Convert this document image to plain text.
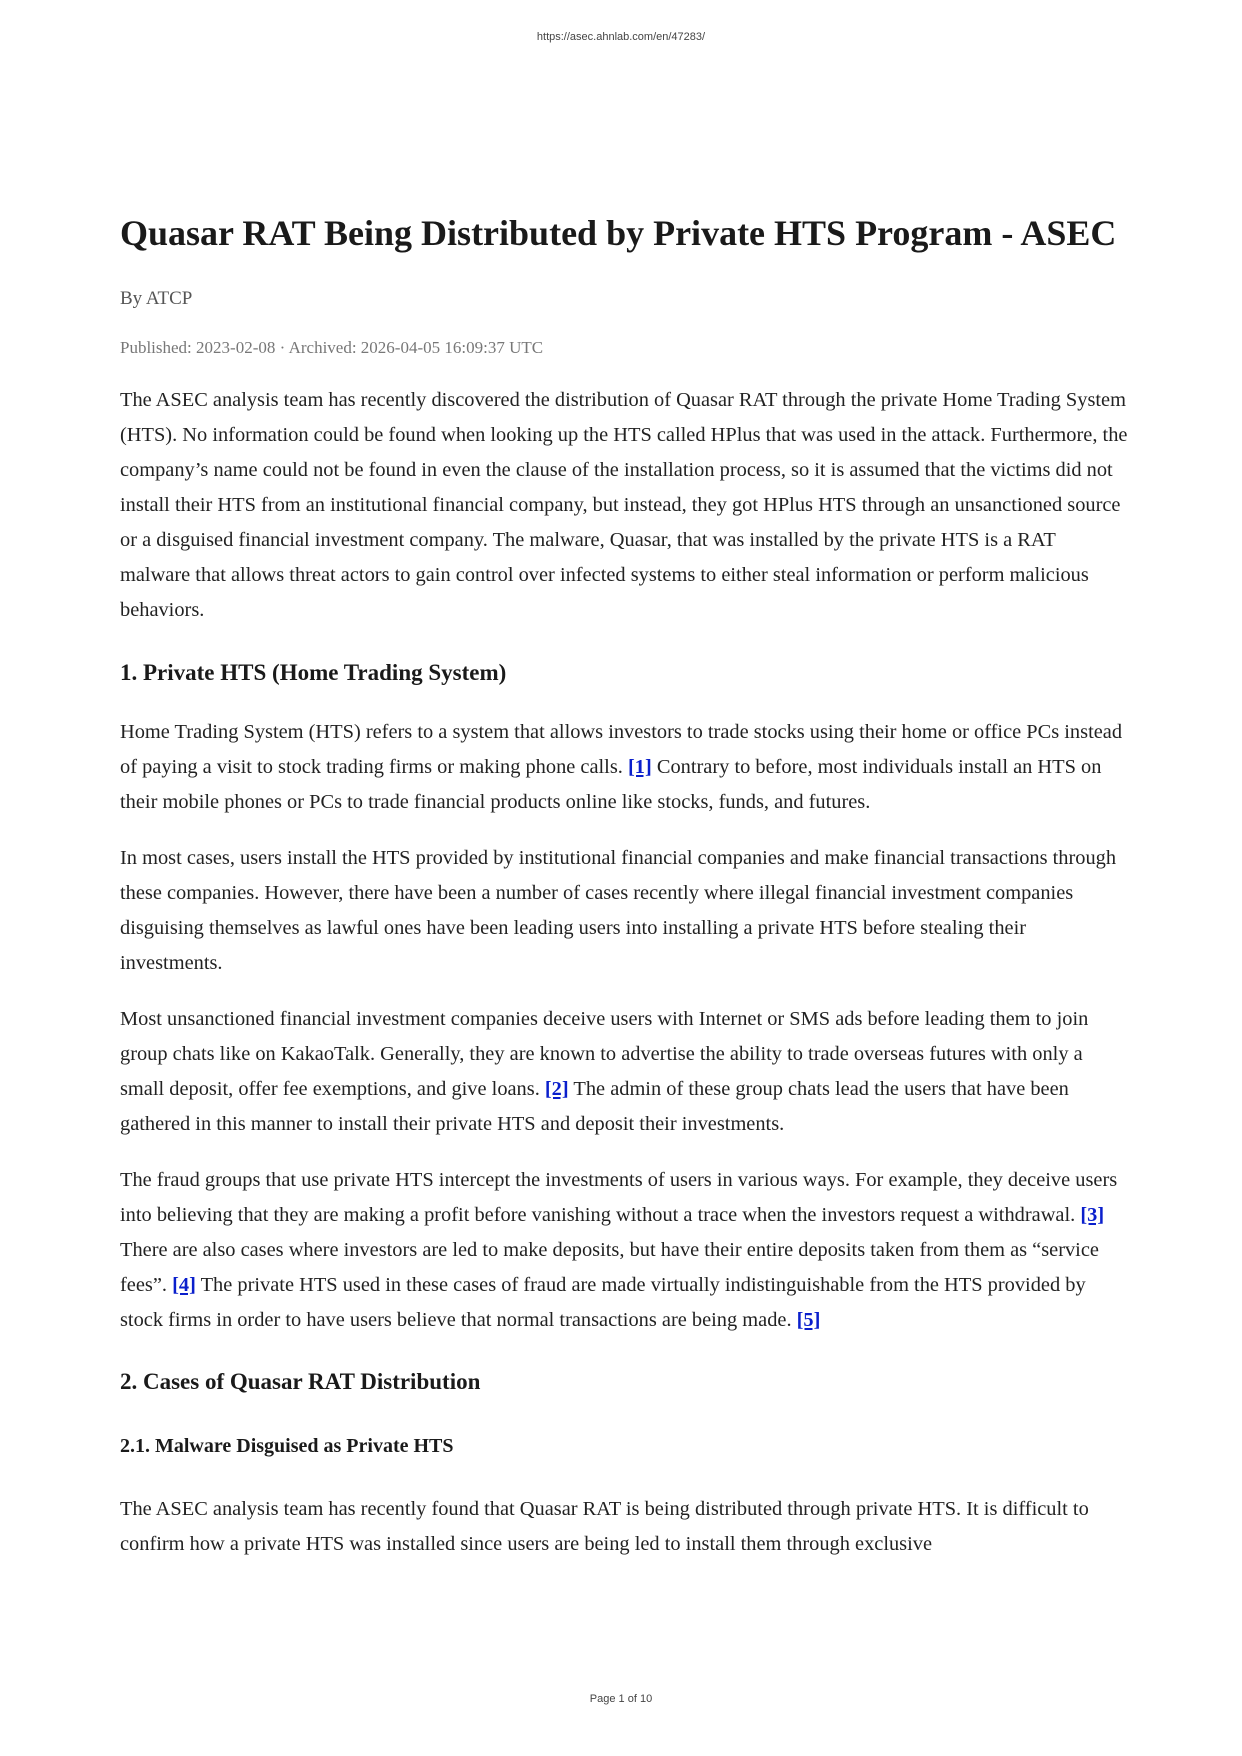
https://asec.ahnlab.com/en/47283/
Quasar RAT Being Distributed by Private HTS Program - ASEC
By ATCP
Published: 2023-02-08 · Archived: 2026-04-05 16:09:37 UTC

The ASEC analysis team has recently discovered the distribution of Quasar RAT through the private Home Trading System (HTS). No information could be found when looking up the HTS called HPlus that was used in the attack. Furthermore, the company’s name could not be found in even the clause of the installation process, so it is assumed that the victims did not install their HTS from an institutional financial company, but instead, they got HPlus HTS through an unsanctioned source or a disguised financial investment company. The malware, Quasar, that was installed by the private HTS is a RAT malware that allows threat actors to gain control over infected systems to either steal information or perform malicious behaviors.

1. Private HTS (Home Trading System)

Home Trading System (HTS) refers to a system that allows investors to trade stocks using their home or office PCs instead of paying a visit to stock trading firms or making phone calls. [1] Contrary to before, most individuals install an HTS on their mobile phones or PCs to trade financial products online like stocks, funds, and futures.

In most cases, users install the HTS provided by institutional financial companies and make financial transactions through these companies. However, there have been a number of cases recently where illegal financial investment companies disguising themselves as lawful ones have been leading users into installing a private HTS before stealing their investments.

Most unsanctioned financial investment companies deceive users with Internet or SMS ads before leading them to join group chats like on KakaoTalk. Generally, they are known to advertise the ability to trade overseas futures with only a small deposit, offer fee exemptions, and give loans. [2] The admin of these group chats lead the users that have been gathered in this manner to install their private HTS and deposit their investments.

The fraud groups that use private HTS intercept the investments of users in various ways. For example, they deceive users into believing that they are making a profit before vanishing without a trace when the investors request a withdrawal. [3] There are also cases where investors are led to make deposits, but have their entire deposits taken from them as “service fees”. [4] The private HTS used in these cases of fraud are made virtually indistinguishable from the HTS provided by stock firms in order to have users believe that normal transactions are being made. [5]

2. Cases of Quasar RAT Distribution
2.1. Malware Disguised as Private HTS

The ASEC analysis team has recently found that Quasar RAT is being distributed through private HTS. It is difficult to confirm how a private HTS was installed since users are being led to install them through exclusive

Page 1 of 10
